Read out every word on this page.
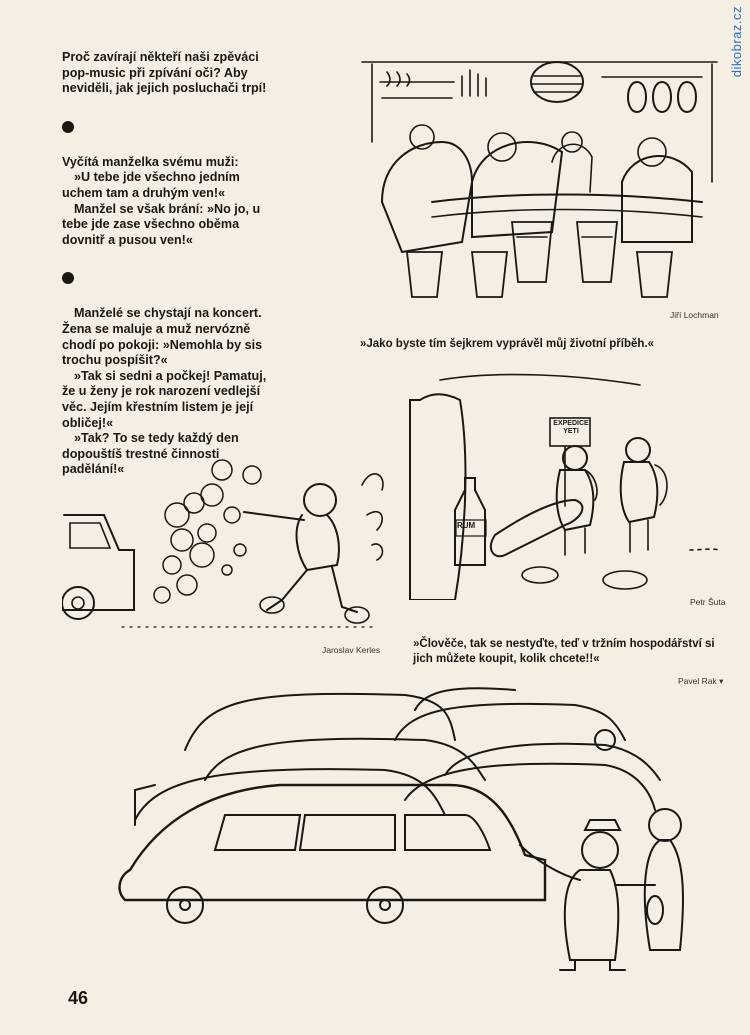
dikobraz.cz

Proč zavírají někteří naši zpěváci pop-music při zpívání oči? Aby neviděli, jak jejich posluchači trpí!

Vyčítá manželka svému muži:

»U tebe jde všechno jedním uchem tam a druhým ven!«

Manžel se však brání: »No jo, u tebe jde zase všechno oběma dovnitř a pusou ven!«

Manželé se chystají na koncert. Žena se maluje a muž nervózně chodí po pokoji: »Nemohla by sis trochu pospíšit?«

»Tak si sedni a počkej! Pamatuj, že u ženy je rok narození vedlejší věc. Jejím křestním listem je její obličej!«

»Tak? To se tedy každý den dopouštíš trestné činnosti padělání!«

Jiří Lochman
»Jako byste tím šejkrem vyprávěl můj životní příběh.«
Jaroslav Kerles
EXPEDICE YETI
RUM
Petr Šuta
»Člověče, tak se nestyďte, teď v tržním hospodářství si jich můžete koupit, kolik chcete!!«
Pavel Rak ▾
46
